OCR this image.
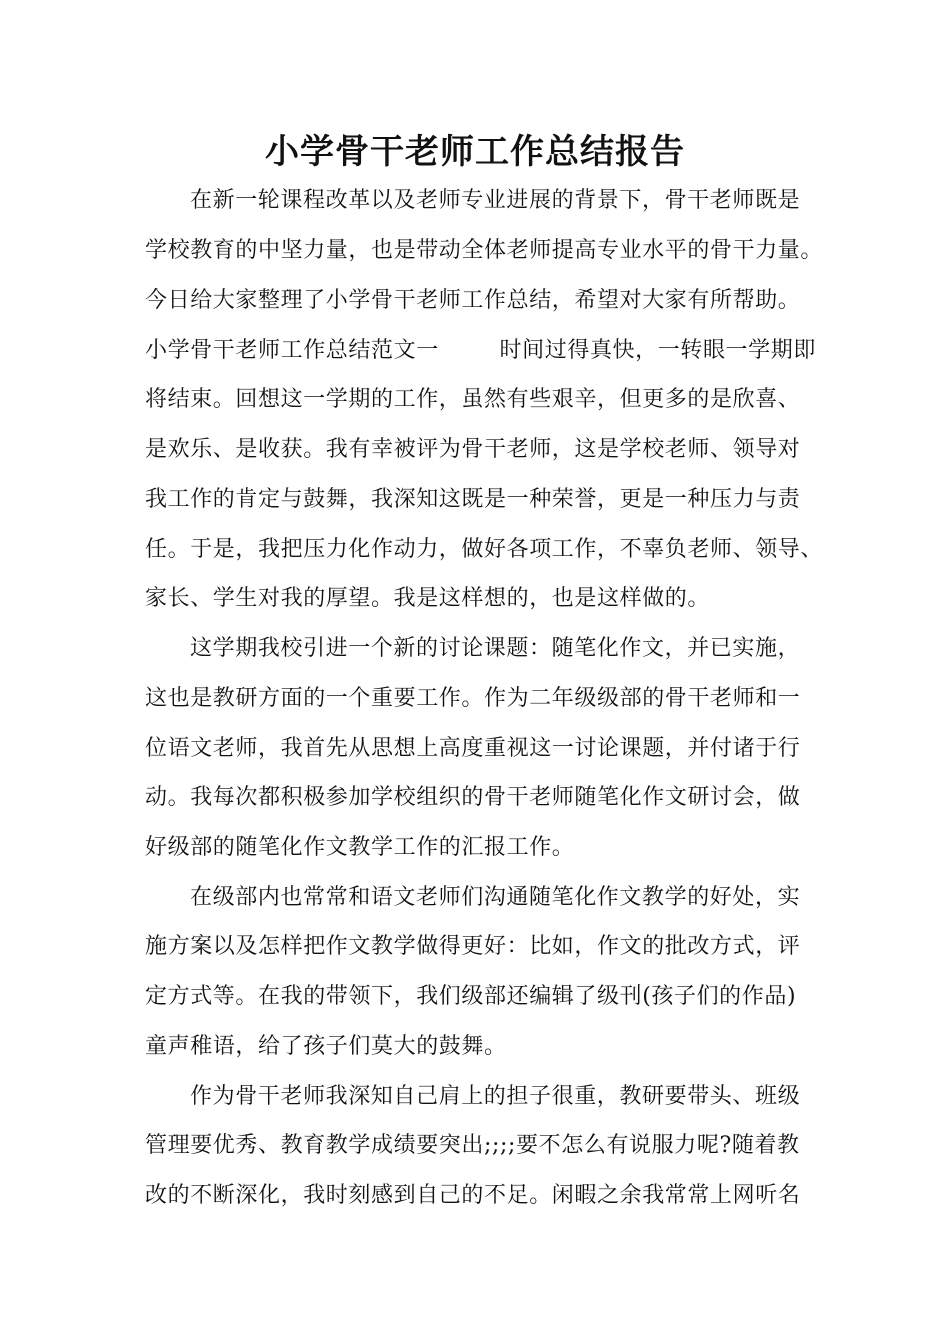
小学骨干老师工作总结报告
在新一轮课程改革以及老师专业进展的背景下，骨干老师既是
学校教育的中坚力量，也是带动全体老师提高专业水平的骨干力量。
今日给大家整理了小学骨干老师工作总结，希望对大家有所帮助。
小学骨干老师工作总结范文一        时间过得真快，一转眼一学期即
将结束。回想这一学期的工作，虽然有些艰辛，但更多的是欣喜、
是欢乐、是收获。我有幸被评为骨干老师，这是学校老师、领导对
我工作的肯定与鼓舞，我深知这既是一种荣誉，更是一种压力与责
任。于是，我把压力化作动力，做好各项工作，不辜负老师、领导、
家长、学生对我的厚望。我是这样想的，也是这样做的。
这学期我校引进一个新的讨论课题：随笔化作文，并已实施，
这也是教研方面的一个重要工作。作为二年级级部的骨干老师和一
位语文老师，我首先从思想上高度重视这一讨论课题，并付诸于行
动。我每次都积极参加学校组织的骨干老师随笔化作文研讨会，做
好级部的随笔化作文教学工作的汇报工作。
在级部内也常常和语文老师们沟通随笔化作文教学的好处，实
施方案以及怎样把作文教学做得更好：比如，作文的批改方式，评
定方式等。在我的带领下，我们级部还编辑了级刊(孩子们的作品)
童声稚语，给了孩子们莫大的鼓舞。
作为骨干老师我深知自己肩上的担子很重，教研要带头、班级
管理要优秀、教育教学成绩要突出;;;;要不怎么有说服力呢?随着教
改的不断深化，我时刻感到自己的不足。闲暇之余我常常上网听名
